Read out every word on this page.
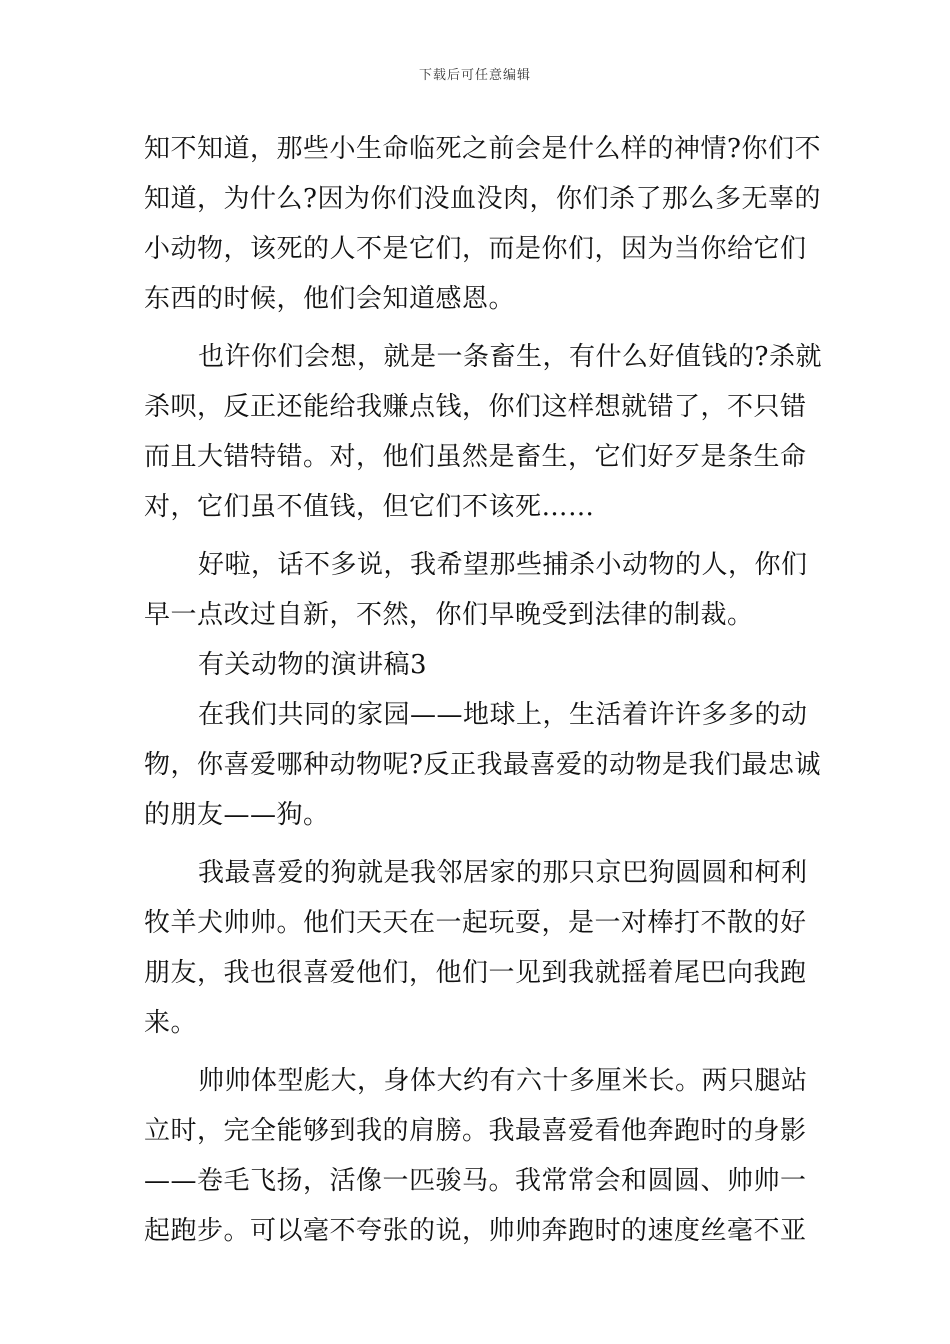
下载后可任意编辑
知不知道，那些小生命临死之前会是什么样的神情?你们不
知道，为什么?因为你们没血没肉，你们杀了那么多无辜的
小动物，该死的人不是它们，而是你们，因为当你给它们
东西的时候，他们会知道感恩。
也许你们会想，就是一条畜生，有什么好值钱的?杀就
杀呗，反正还能给我赚点钱，你们这样想就错了，不只错
而且大错特错。对，他们虽然是畜生，它们好歹是条生命
对，它们虽不值钱，但它们不该死……
好啦，话不多说，我希望那些捕杀小动物的人，你们
早一点改过自新，不然，你们早晚受到法律的制裁。
有关动物的演讲稿3
在我们共同的家园——地球上，生活着许许多多的动
物，你喜爱哪种动物呢?反正我最喜爱的动物是我们最忠诚
的朋友——狗。
我最喜爱的狗就是我邻居家的那只京巴狗圆圆和柯利
牧羊犬帅帅。他们天天在一起玩耍，是一对棒打不散的好
朋友，我也很喜爱他们，他们一见到我就摇着尾巴向我跑
来。
帅帅体型彪大，身体大约有六十多厘米长。两只腿站
立时，完全能够到我的肩膀。我最喜爱看他奔跑时的身影
——卷毛飞扬，活像一匹骏马。我常常会和圆圆、帅帅一
起跑步。可以毫不夸张的说，帅帅奔跑时的速度丝毫不亚
